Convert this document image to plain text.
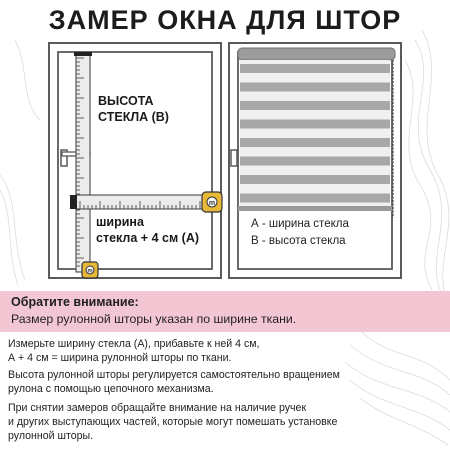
ЗАМЕР ОКНА ДЛЯ ШТОР
m
m
ВЫСОТА
СТЕКЛА (В)
ширина
стекла + 4 см (А)
А - ширина стекла
В - высота стекла
Обратите внимание:
Размер рулонной шторы указан по ширине ткани.
Измерьте ширину стекла (А), прибавьте к ней 4 см,
А + 4 см = ширина рулонной шторы по ткани.
Высота рулонной шторы регулируется самостоятельно вращением
рулона с помощью цепочного механизма.
При снятии замеров обращайте внимание на наличие ручек
и других выступающих частей, которые могут помешать установке
рулонной шторы.
